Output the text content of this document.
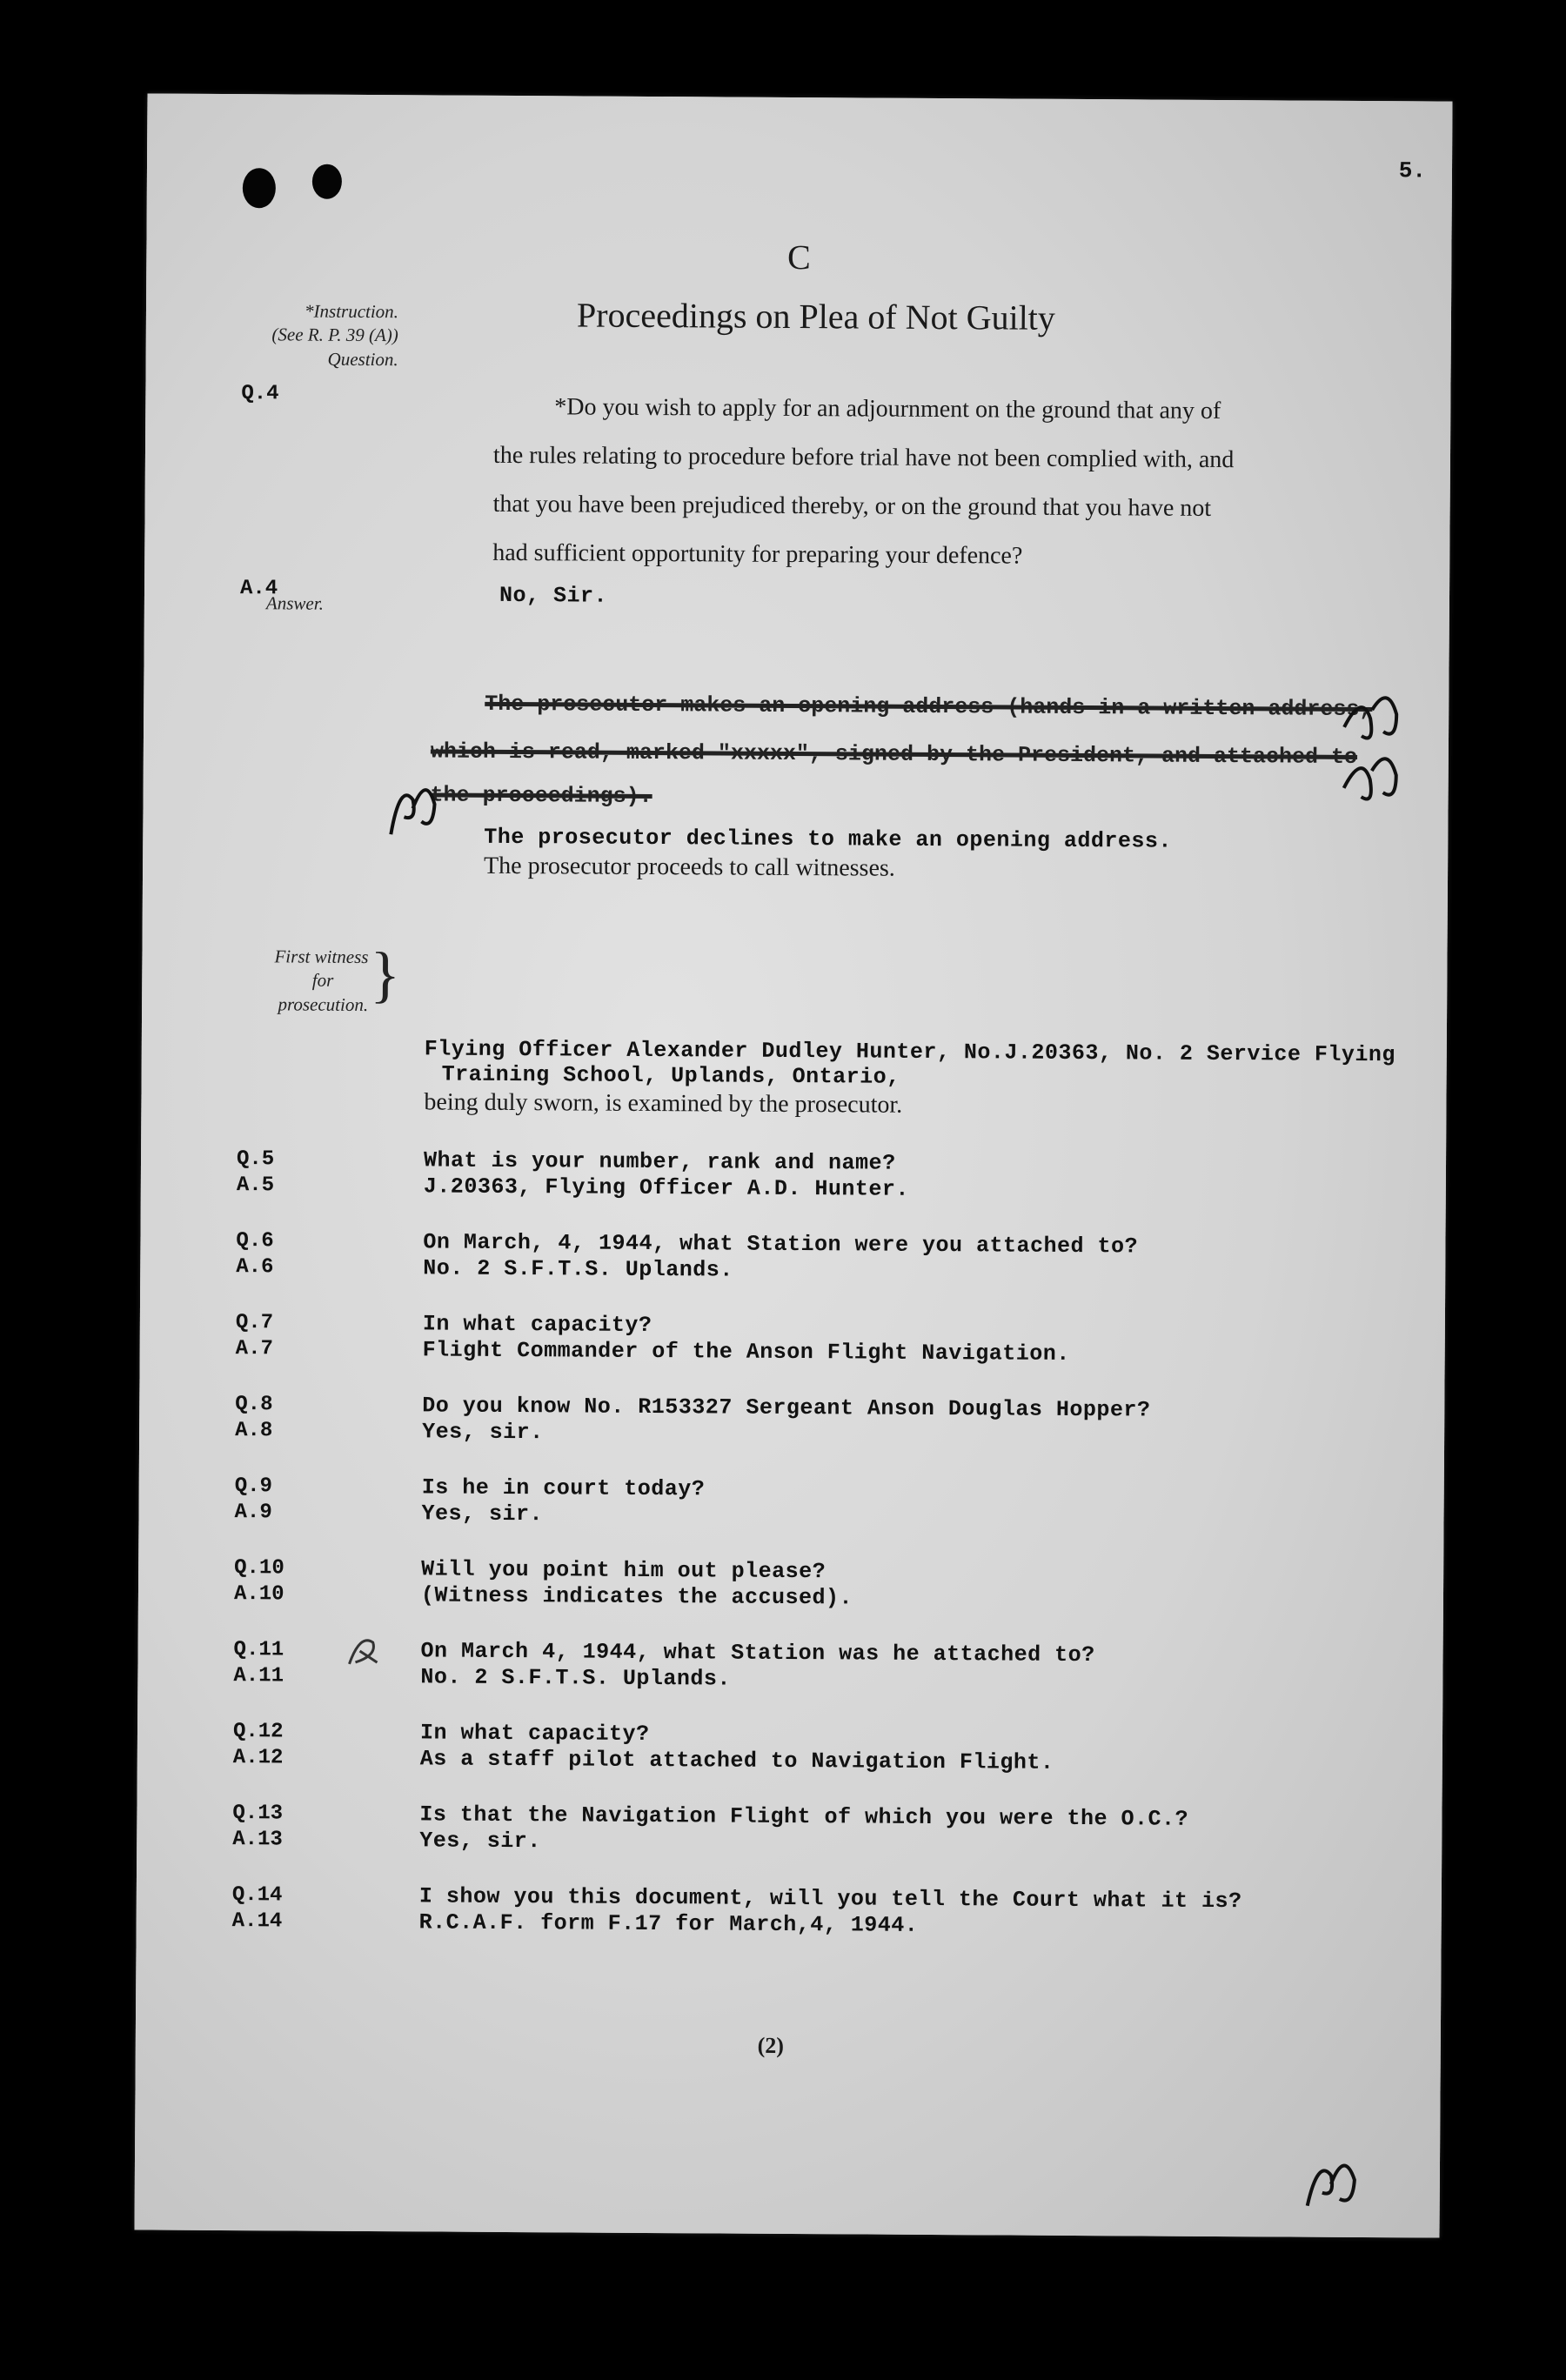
5.
C
Proceedings on Plea of Not Guilty
*Instruction.
(See R. P. 39 (A))
Question.
Q.4	*Do you wish to apply for an adjournment on the ground that any of
the rules relating to procedure before trial have not been complied with, and
that you have been prejudiced thereby, or on the ground that you have not
had sufficient opportunity for preparing your defence?
A.4
Answer.	No, Sir.
The prosecutor makes an opening address (hands in a written address,
which is read, marked "xxxxx", signed by the President, and attached to
the proceedings).
The prosecutor declines to make an opening address.
The prosecutor proceeds to call witnesses.
First witness
for
prosecution. }
Flying Officer Alexander Dudley Hunter, No.J.20363, No. 2 Service Flying
Training School, Uplands, Ontario,
being duly sworn, is examined by the prosecutor.
Q.5
A.5
What is your number, rank and name?
J.20363, Flying Officer A.D. Hunter.
Q.6
A.6
On March, 4, 1944, what Station were you attached to?
No. 2 S.F.T.S. Uplands.
Q.7
A.7
In what capacity?
Flight Commander of the Anson Flight Navigation.
Q.8
A.8
Do you know No. R153327 Sergeant Anson Douglas Hopper?
Yes, sir.
Q.9
A.9
Is he in court today?
Yes, sir.
Q.10
A.10
Will you point him out please?
(Witness indicates the accused).
Q.11
A.11
On March 4, 1944, what Station was he attached to?
No. 2 S.F.T.S. Uplands.
Q.12
A.12
In what capacity?
As a staff pilot attached to Navigation Flight.
Q.13
A.13
Is that the Navigation Flight of which you were the O.C.?
Yes, sir.
Q.14
A.14
I show you this document, will you tell the Court what it is?
R.C.A.F. form F.17 for March,4, 1944.
(2)
